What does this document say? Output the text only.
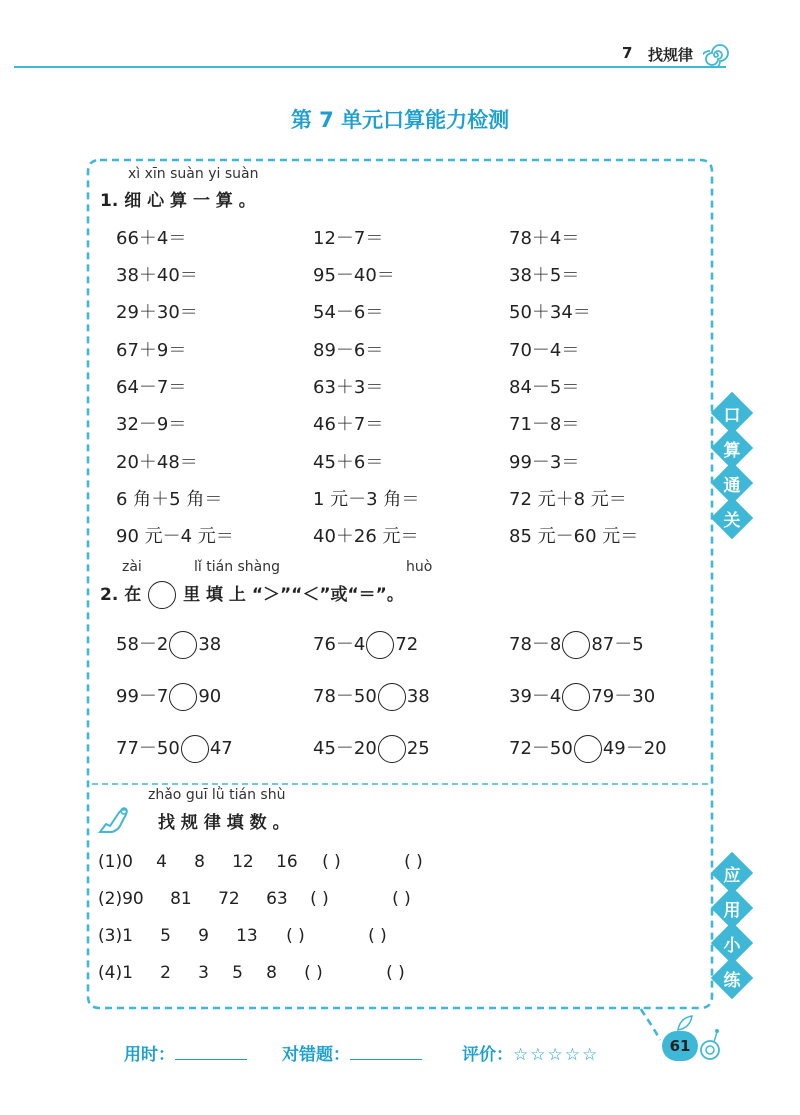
7 找规律
第 7 单元口算能力检测
xì xīn suàn yi suàn
1. 细 心 算 一 算 。
66＋4＝	12－7＝	78＋4＝
38＋40＝	95－40＝	38＋5＝
29＋30＝	54－6＝	50＋34＝
67＋9＝	89－6＝	70－4＝
64－7＝	63＋3＝	84－5＝
32－9＝	46＋7＝	71－8＝
20＋48＝	45＋6＝	99－3＝
6 角＋5 角＝	1 元－3 角＝	72 元＋8 元＝
90 元－4 元＝	40＋26 元＝	85 元－60 元＝
zài	lǐ tián shàng	huò
2. 在 里 填 上 “＞”“＜”或“＝”。
58－2 38	76－4 72	78－8 87－5
99－7 90	78－50 38	39－4 79－30
77－50 47	45－20 25	72－50 49－20
zhǎo guī lǜ tián shù
找 规 律 填 数 。
(1)0 4 8 12 16 ( )	( )
(2)90 81 72 63 ( )	( )
(3)1 5 9 13 ( )	( )
(4)1 2 3 5 8 ( )	( )
口
算
通
关
应
用
小
练
用时：	对错题：	评价：☆☆☆☆☆	61
